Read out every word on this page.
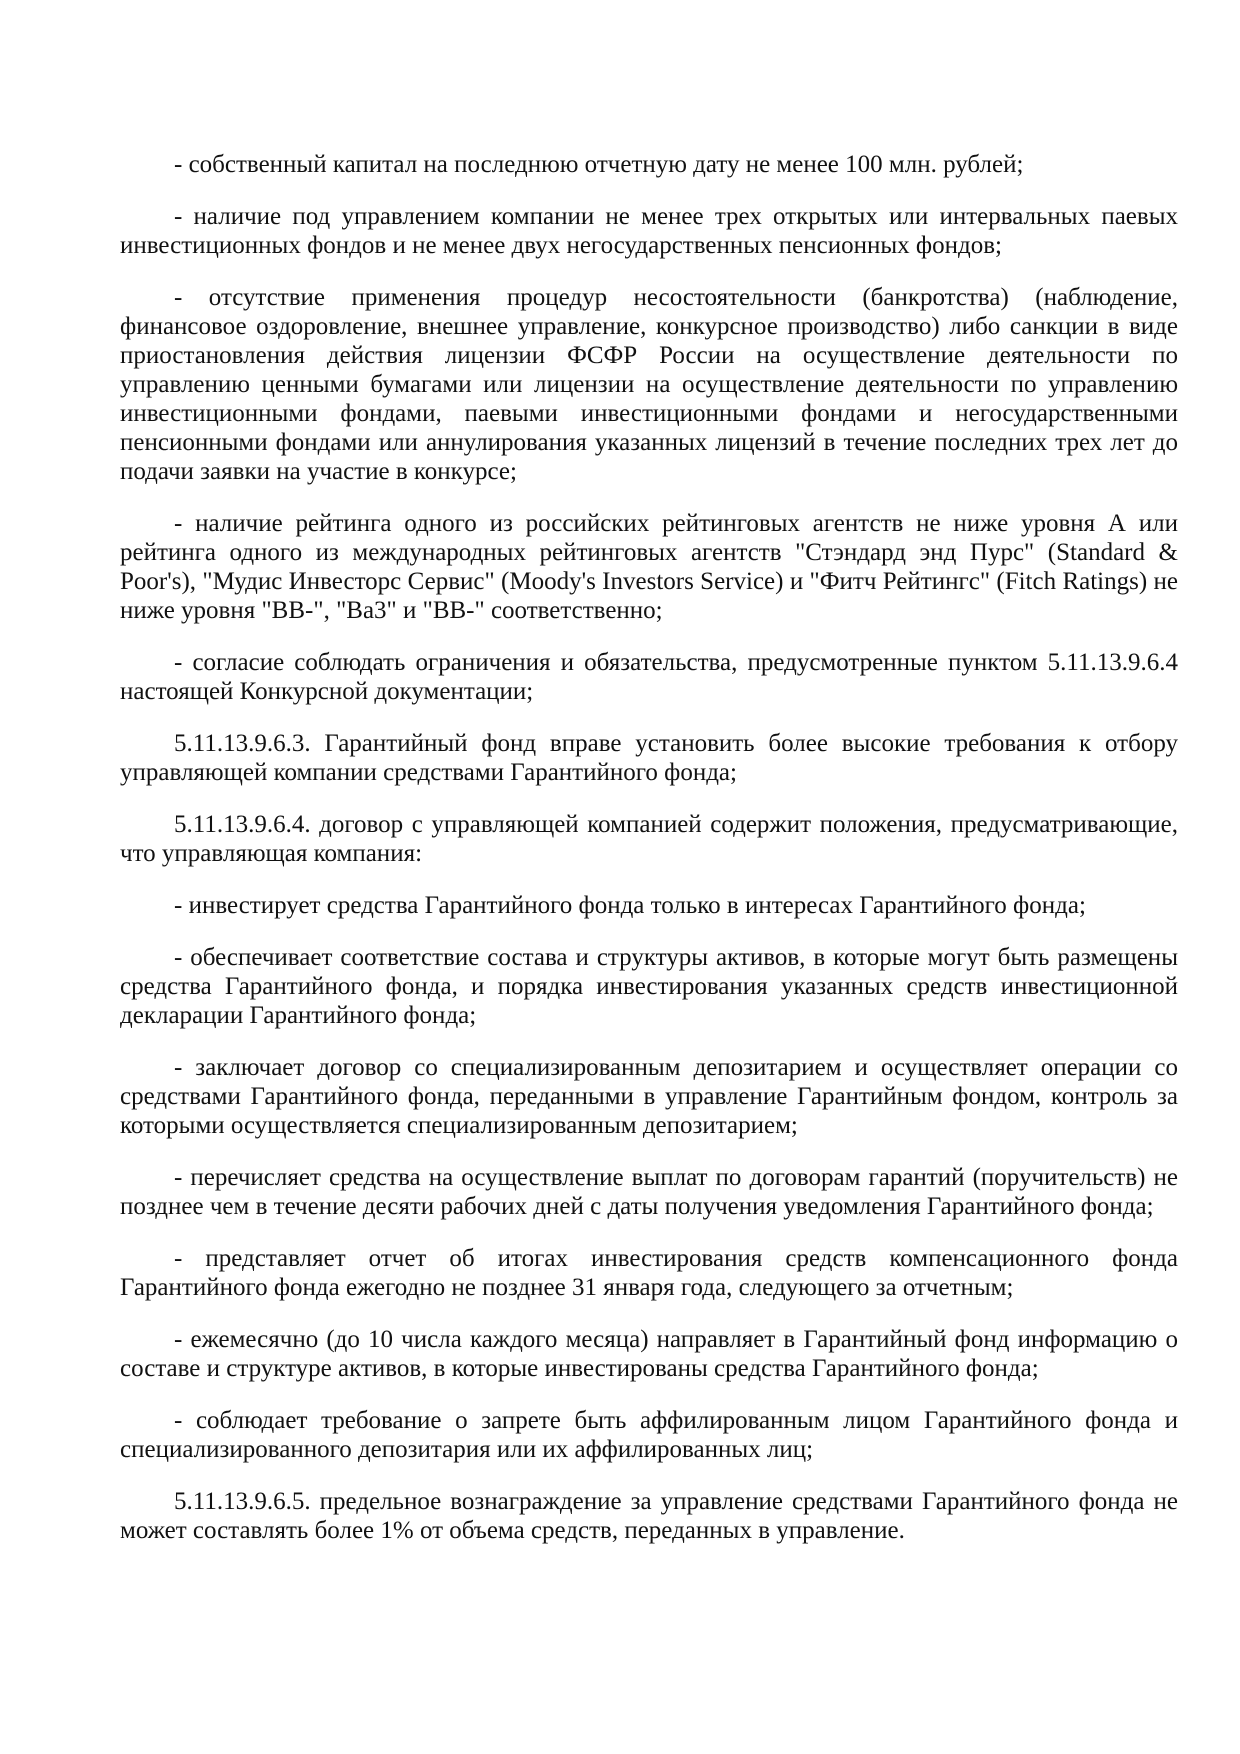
- собственный капитал на последнюю отчетную дату не менее 100 млн. рублей;

- наличие под управлением компании не менее трех открытых или интервальных паевых инвестиционных фондов и не менее двух негосударственных пенсионных фондов;

- отсутствие применения процедур несостоятельности (банкротства) (наблюдение, финансовое оздоровление, внешнее управление, конкурсное производство) либо санкции в виде приостановления действия лицензии ФСФР России на осуществление деятельности по управлению ценными бумагами или лицензии на осуществление деятельности по управлению инвестиционными фондами, паевыми инвестиционными фондами и негосударственными пенсионными фондами или аннулирования указанных лицензий в течение последних трех лет до подачи заявки на участие в конкурсе;

- наличие рейтинга одного из российских рейтинговых агентств не ниже уровня А или рейтинга одного из международных рейтинговых агентств "Стэндард энд Пурс" (Standard & Poor's), "Мудис Инвесторс Сервис" (Moody's Investors Service) и "Фитч Рейтингс" (Fitch Ratings) не ниже уровня "ВВ-", "Ва3" и "ВВ-" соответственно;

- согласие соблюдать ограничения и обязательства, предусмотренные пунктом 5.11.13.9.6.4 настоящей Конкурсной документации;

5.11.13.9.6.3. Гарантийный фонд вправе установить более высокие требования к отбору управляющей компании средствами Гарантийного фонда;

5.11.13.9.6.4. договор с управляющей компанией содержит положения, предусматривающие, что управляющая компания:

- инвестирует средства Гарантийного фонда только в интересах Гарантийного фонда;

- обеспечивает соответствие состава и структуры активов, в которые могут быть размещены средства Гарантийного фонда, и порядка инвестирования указанных средств инвестиционной декларации Гарантийного фонда;

- заключает договор со специализированным депозитарием и осуществляет операции со средствами Гарантийного фонда, переданными в управление Гарантийным фондом, контроль за которыми осуществляется специализированным депозитарием;

- перечисляет средства на осуществление выплат по договорам гарантий (поручительств) не позднее чем в течение десяти рабочих дней с даты получения уведомления Гарантийного фонда;

- представляет отчет об итогах инвестирования средств компенсационного фонда Гарантийного фонда ежегодно не позднее 31 января года, следующего за отчетным;

- ежемесячно (до 10 числа каждого месяца) направляет в Гарантийный фонд информацию о составе и структуре активов, в которые инвестированы средства Гарантийного фонда;

- соблюдает требование о запрете быть аффилированным лицом Гарантийного фонда и специализированного депозитария или их аффилированных лиц;

5.11.13.9.6.5. предельное вознаграждение за управление средствами Гарантийного фонда не может составлять более 1% от объема средств, переданных в управление.
